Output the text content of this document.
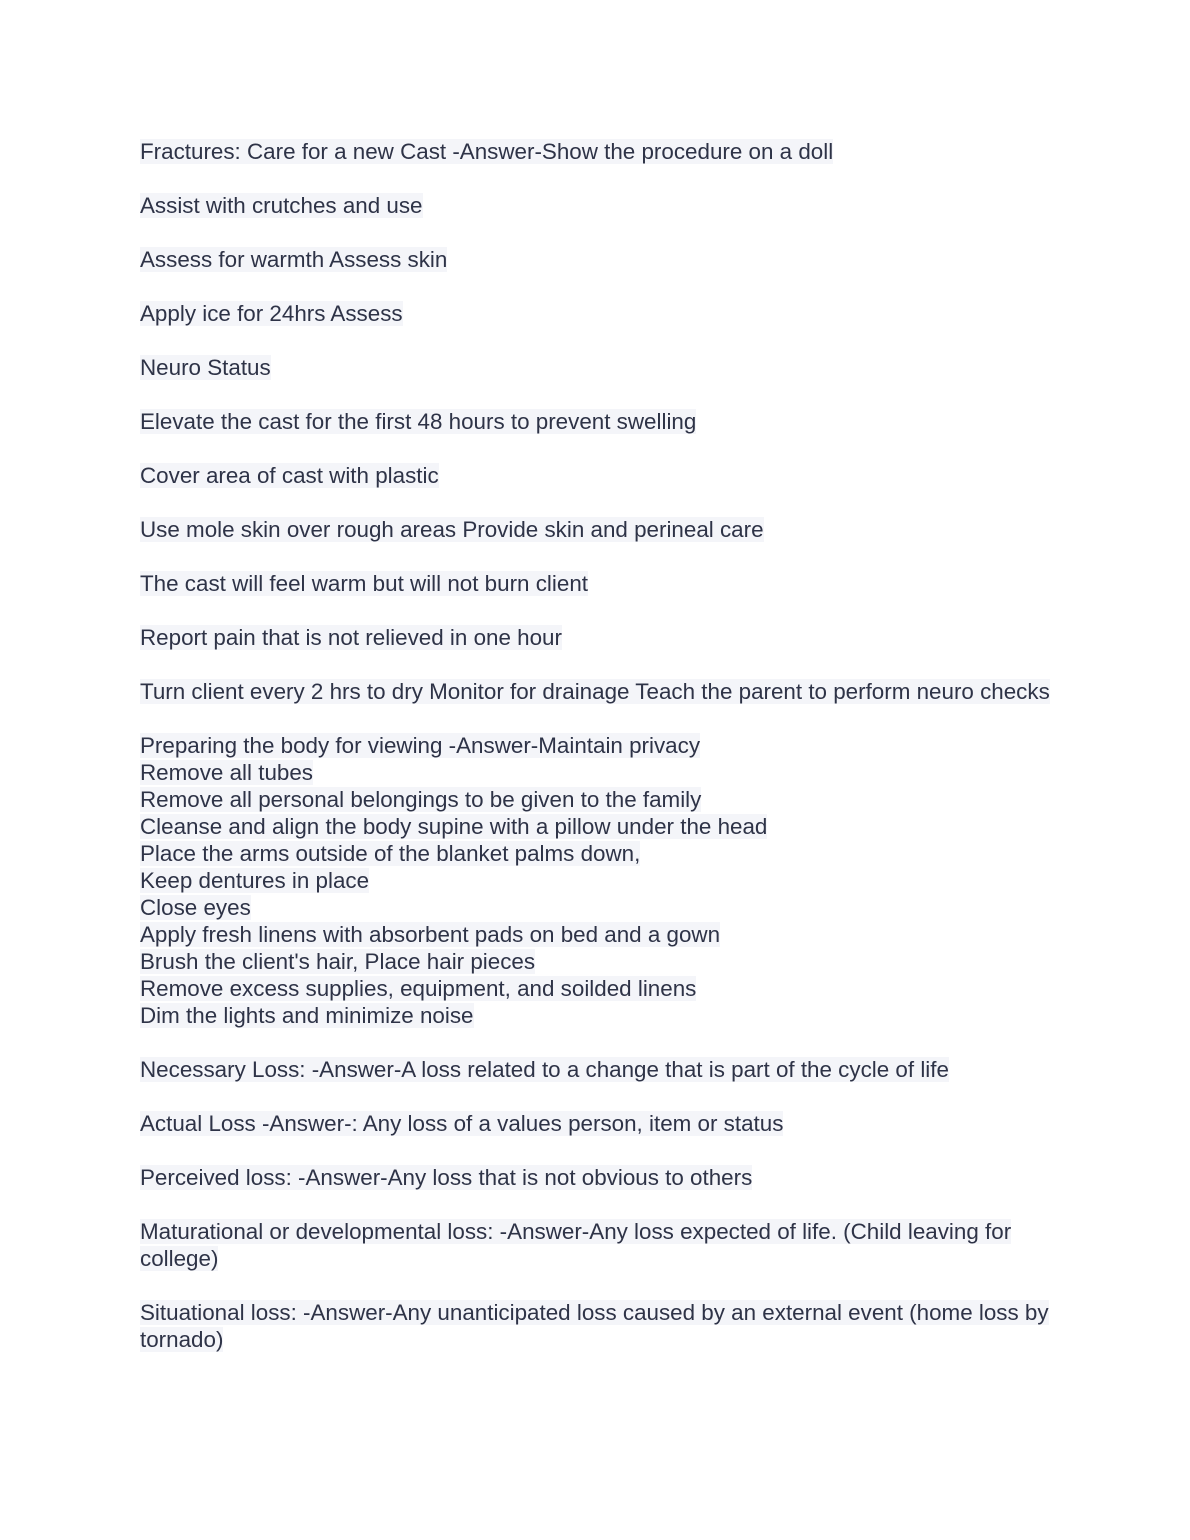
Fractures: Care for a new Cast -Answer-Show the procedure on a doll
Assist with crutches and use
Assess for warmth Assess skin
Apply ice for 24hrs Assess
Neuro Status
Elevate the cast for the first 48 hours to prevent swelling
Cover area of cast with plastic
Use mole skin over rough areas Provide skin and perineal care
The cast will feel warm but will not burn client
Report pain that is not relieved in one hour
Turn client every 2 hrs to dry Monitor for drainage Teach the parent to perform neuro checks
Preparing the body for viewing -Answer-Maintain privacy
Remove all tubes
Remove all personal belongings to be given to the family
Cleanse and align the body supine with a pillow under the head
Place the arms outside of the blanket palms down,
Keep dentures in place
Close eyes
Apply fresh linens with absorbent pads on bed and a gown
Brush the client's hair, Place hair pieces
Remove excess supplies, equipment, and soilded linens
Dim the lights and minimize noise
Necessary Loss: -Answer-A loss related to a change that is part of the cycle of life
Actual Loss -Answer-: Any loss of a values person, item or status
Perceived loss: -Answer-Any loss that is not obvious to others
Maturational or developmental loss: -Answer-Any loss expected of life. (Child leaving for college)
Situational loss: -Answer-Any unanticipated loss caused by an external event (home loss by tornado)
